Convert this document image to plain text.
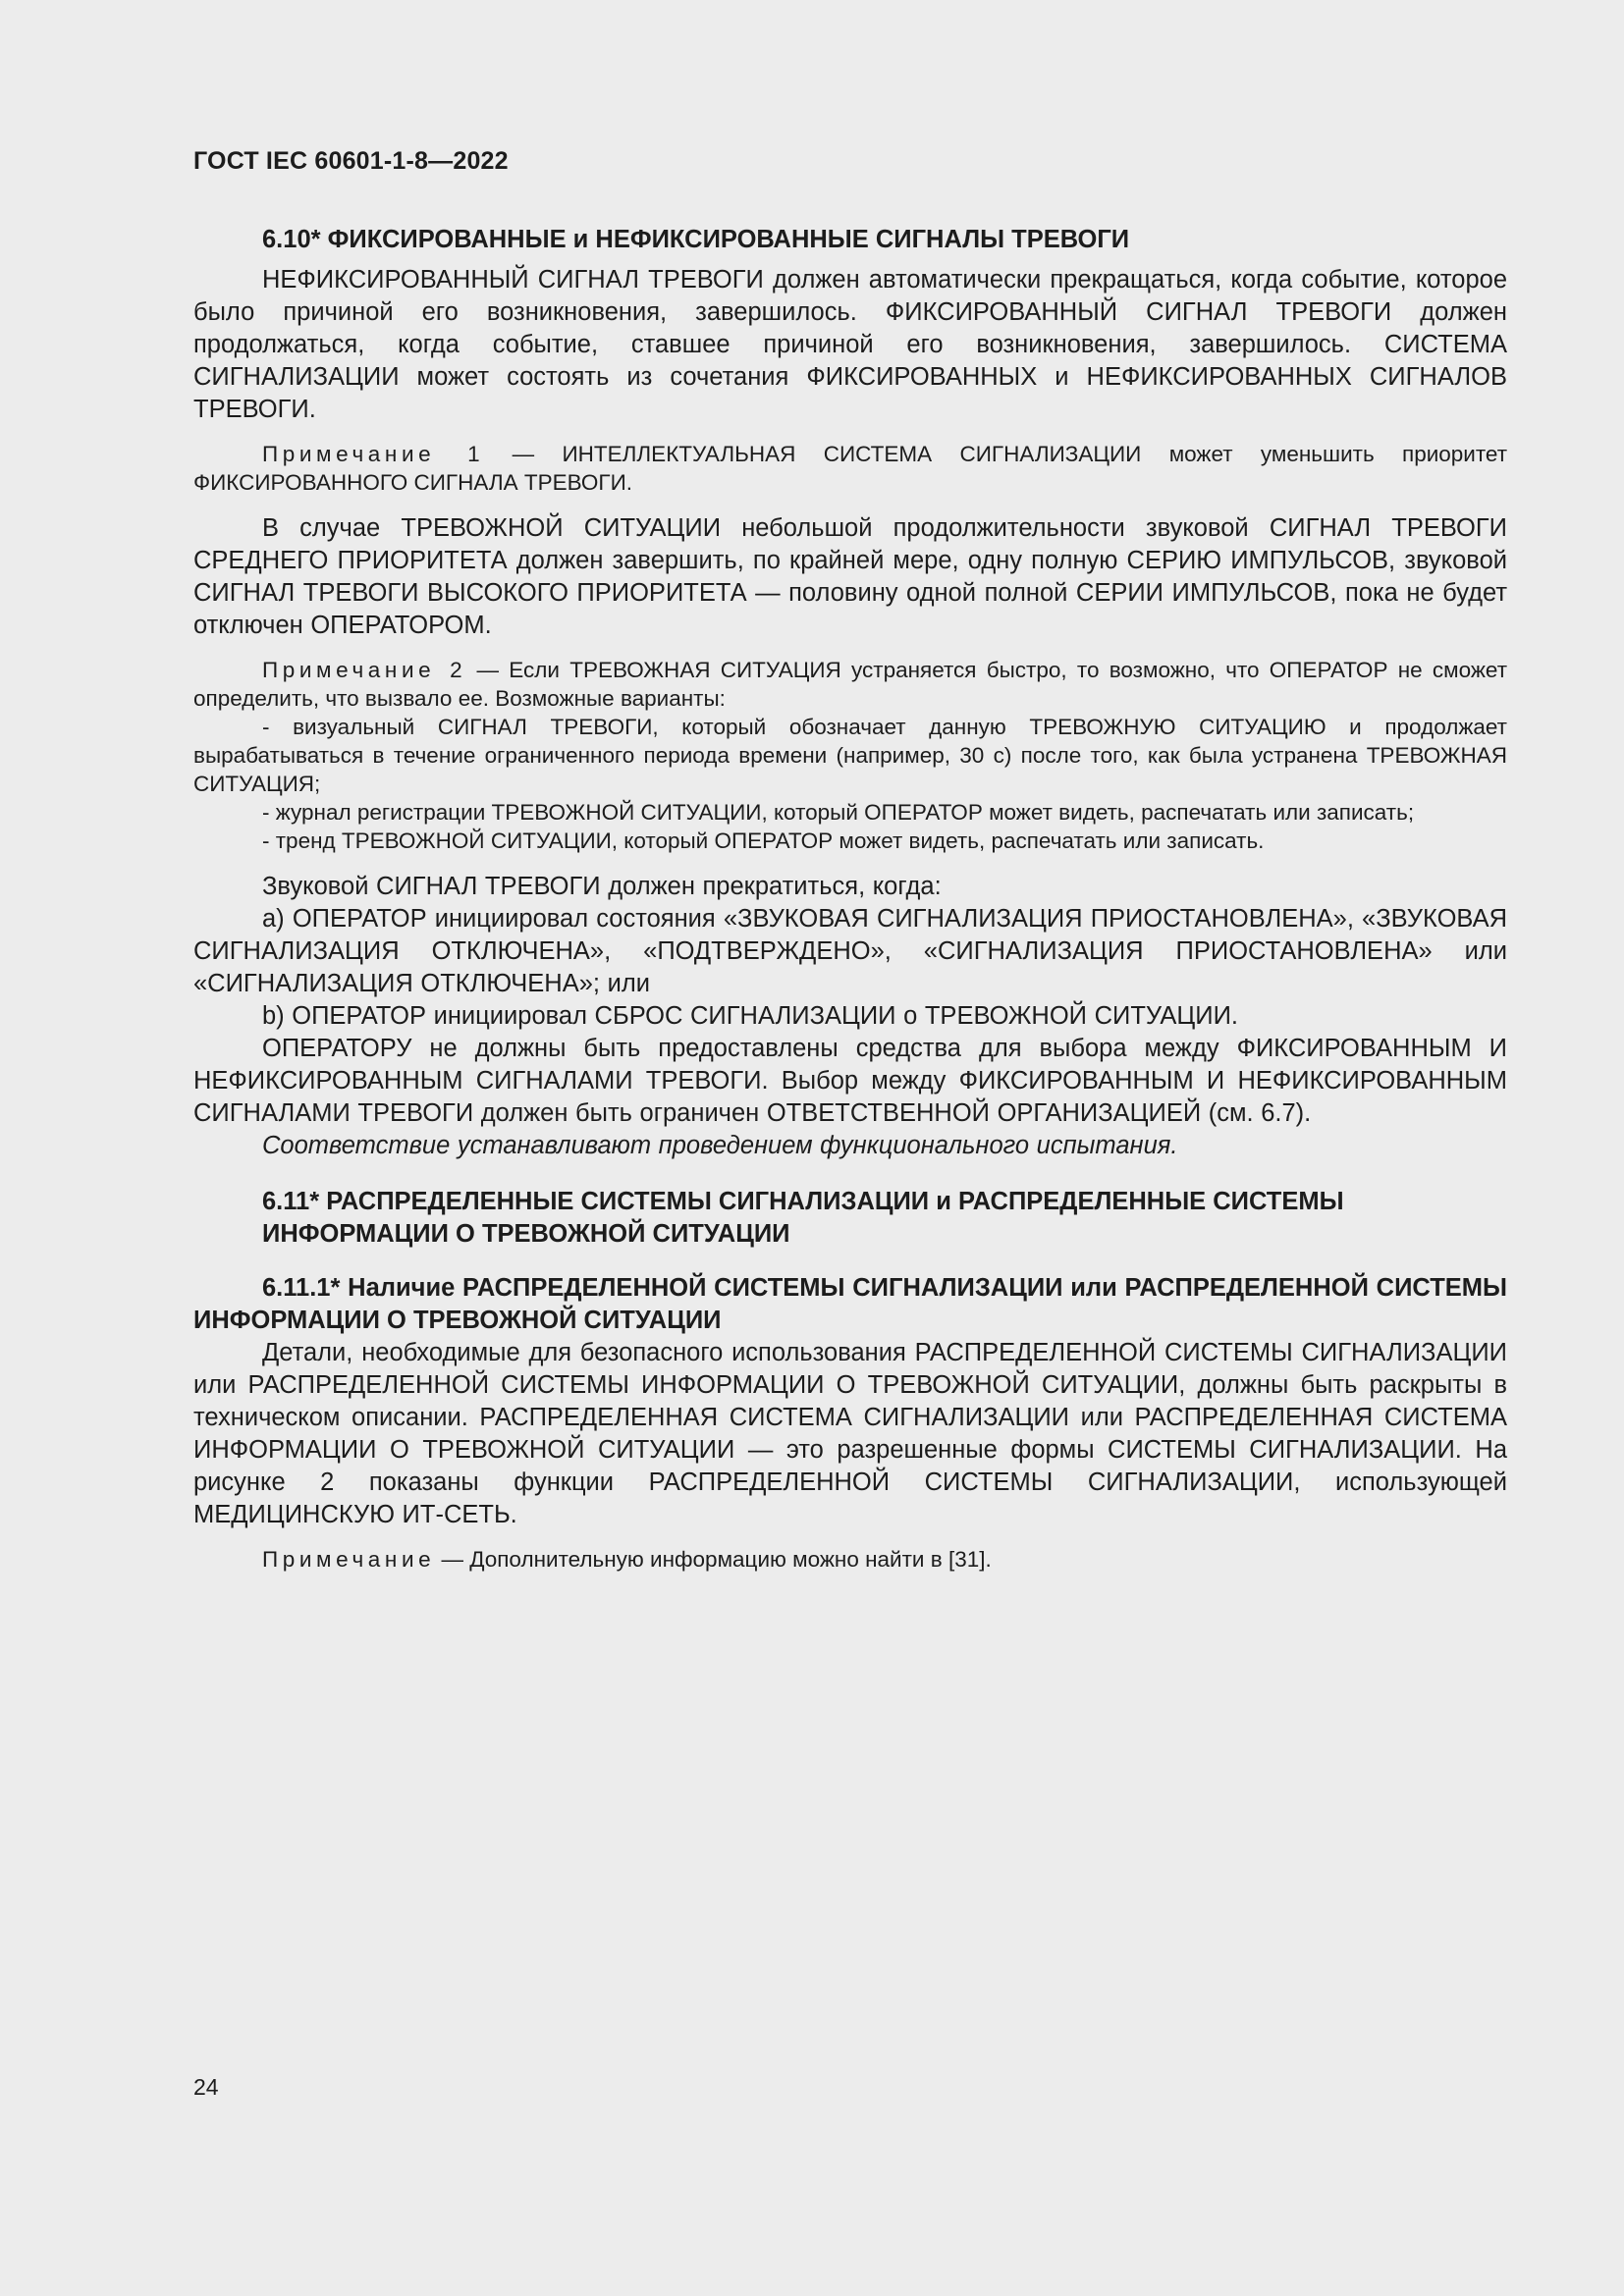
ГОСТ IEC 60601-1-8—2022
6.10* ФИКСИРОВАННЫЕ и НЕФИКСИРОВАННЫЕ СИГНАЛЫ ТРЕВОГИ

НЕФИКСИРОВАННЫЙ СИГНАЛ ТРЕВОГИ должен автоматически прекращаться, когда событие, которое было причиной его возникновения, завершилось. ФИКСИРОВАННЫЙ СИГНАЛ ТРЕВОГИ должен продолжаться, когда событие, ставшее причиной его возникновения, завершилось. СИСТЕМА СИГНАЛИЗАЦИИ может состоять из сочетания ФИКСИРОВАННЫХ и НЕФИКСИРОВАННЫХ СИГНАЛОВ ТРЕВОГИ.

Примечание 1 — ИНТЕЛЛЕКТУАЛЬНАЯ СИСТЕМА СИГНАЛИЗАЦИИ может уменьшить приоритет ФИКСИРОВАННОГО СИГНАЛА ТРЕВОГИ.

В случае ТРЕВОЖНОЙ СИТУАЦИИ небольшой продолжительности звуковой СИГНАЛ ТРЕВОГИ СРЕДНЕГО ПРИОРИТЕТА должен завершить, по крайней мере, одну полную СЕРИЮ ИМПУЛЬСОВ, звуковой СИГНАЛ ТРЕВОГИ ВЫСОКОГО ПРИОРИТЕТА — половину одной полной СЕРИИ ИМПУЛЬСОВ, пока не будет отключен ОПЕРАТОРОМ.

Примечание 2 — Если ТРЕВОЖНАЯ СИТУАЦИЯ устраняется быстро, то возможно, что ОПЕРАТОР не сможет определить, что вызвало ее. Возможные варианты:

- визуальный СИГНАЛ ТРЕВОГИ, который обозначает данную ТРЕВОЖНУЮ СИТУАЦИЮ и продолжает вырабатываться в течение ограниченного периода времени (например, 30 с) после того, как была устранена ТРЕВОЖНАЯ СИТУАЦИЯ;

- журнал регистрации ТРЕВОЖНОЙ СИТУАЦИИ, который ОПЕРАТОР может видеть, распечатать или записать;

- тренд ТРЕВОЖНОЙ СИТУАЦИИ, который ОПЕРАТОР может видеть, распечатать или записать.

Звуковой СИГНАЛ ТРЕВОГИ должен прекратиться, когда:

a) ОПЕРАТОР инициировал состояния «ЗВУКОВАЯ СИГНАЛИЗАЦИЯ ПРИОСТАНОВЛЕНА», «ЗВУКОВАЯ СИГНАЛИЗАЦИЯ ОТКЛЮЧЕНА», «ПОДТВЕРЖДЕНО», «СИГНАЛИЗАЦИЯ ПРИОСТАНОВЛЕНА» или «СИГНАЛИЗАЦИЯ ОТКЛЮЧЕНА»; или

b) ОПЕРАТОР инициировал СБРОС СИГНАЛИЗАЦИИ о ТРЕВОЖНОЙ СИТУАЦИИ.

ОПЕРАТОРУ не должны быть предоставлены средства для выбора между ФИКСИРОВАННЫМ И НЕФИКСИРОВАННЫМ СИГНАЛАМИ ТРЕВОГИ. Выбор между ФИКСИРОВАННЫМ И НЕФИКСИРОВАННЫМ СИГНАЛАМИ ТРЕВОГИ должен быть ограничен ОТВЕТСТВЕННОЙ ОРГАНИЗАЦИЕЙ (см. 6.7).

Соответствие устанавливают проведением функционального испытания.

6.11* РАСПРЕДЕЛЕННЫЕ СИСТЕМЫ СИГНАЛИЗАЦИИ и РАСПРЕДЕЛЕННЫЕ СИСТЕМЫ ИНФОРМАЦИИ О ТРЕВОЖНОЙ СИТУАЦИИ

6.11.1* Наличие РАСПРЕДЕЛЕННОЙ СИСТЕМЫ СИГНАЛИЗАЦИИ или РАСПРЕДЕЛЕННОЙ СИСТЕМЫ ИНФОРМАЦИИ О ТРЕВОЖНОЙ СИТУАЦИИ

Детали, необходимые для безопасного использования РАСПРЕДЕЛЕННОЙ СИСТЕМЫ СИГНАЛИЗАЦИИ или РАСПРЕДЕЛЕННОЙ СИСТЕМЫ ИНФОРМАЦИИ О ТРЕВОЖНОЙ СИТУАЦИИ, должны быть раскрыты в техническом описании. РАСПРЕДЕЛЕННАЯ СИСТЕМА СИГНАЛИЗАЦИИ или РАСПРЕДЕЛЕННАЯ СИСТЕМА ИНФОРМАЦИИ О ТРЕВОЖНОЙ СИТУАЦИИ — это разрешенные формы СИСТЕМЫ СИГНАЛИЗАЦИИ. На рисунке 2 показаны функции РАСПРЕДЕЛЕННОЙ СИСТЕМЫ СИГНАЛИЗАЦИИ, использующей МЕДИЦИНСКУЮ ИТ-СЕТЬ.

Примечание — Дополнительную информацию можно найти в [31].

24
